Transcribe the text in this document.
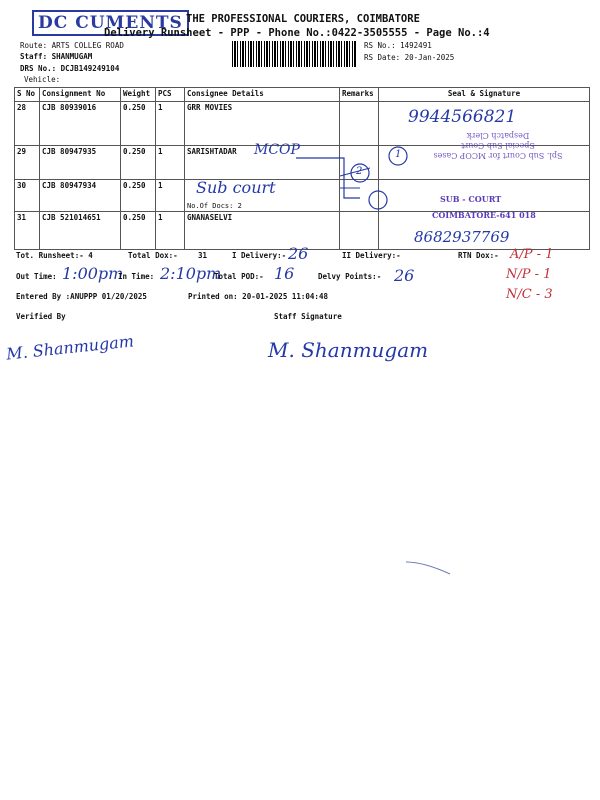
DC CUMENTS THE PROFESSIONAL COURIERS, COIMBATORE
Delivery Runsheet - PPP - Phone No.:0422-3505555 - Page No.:4
Route: ARTS COLLEG ROAD
Staff: SHANMUGAM
DRS No.: DCJB149249104
Vehicle:
RS No.: 1492491
RS Date: 20-Jan-2025
S No	Consignment No	Weight	PCS	Consignee Details	Remarks	Seal & Signature
28	CJB 80939016	0.250	1	GRR MOVIES		
29	CJB 80947935	0.250	1	SARISHTADAR		
30	CJB 80947934	0.250	1	No.Of Docs: 2		
31	CJB 521014651	0.250	1	GNANASELVI		
9944566821
MCOP
Sub court
8682937769
2
1	Spl. Sub Court for MCOP Cases
Special Sub Court
Despatch Clerk
SUB - COURT
COIMBATORE-641 018
Tot. Runsheet:- 4	Total Dox:-	31	I Delivery:- 26	II Delivery:-	RTN Dox:-
Out Time: 1:00pm
In Time: 2:10pm
Total POD:- 16	Delvy Points:- 26
A/P - 1
N/P - 1
N/C - 3
Entered By :ANUPPP 01/20/2025	Printed on: 20-01-2025 11:04:48
Verified By	Staff Signature
M. Shanmugam	M. Shanmugam
